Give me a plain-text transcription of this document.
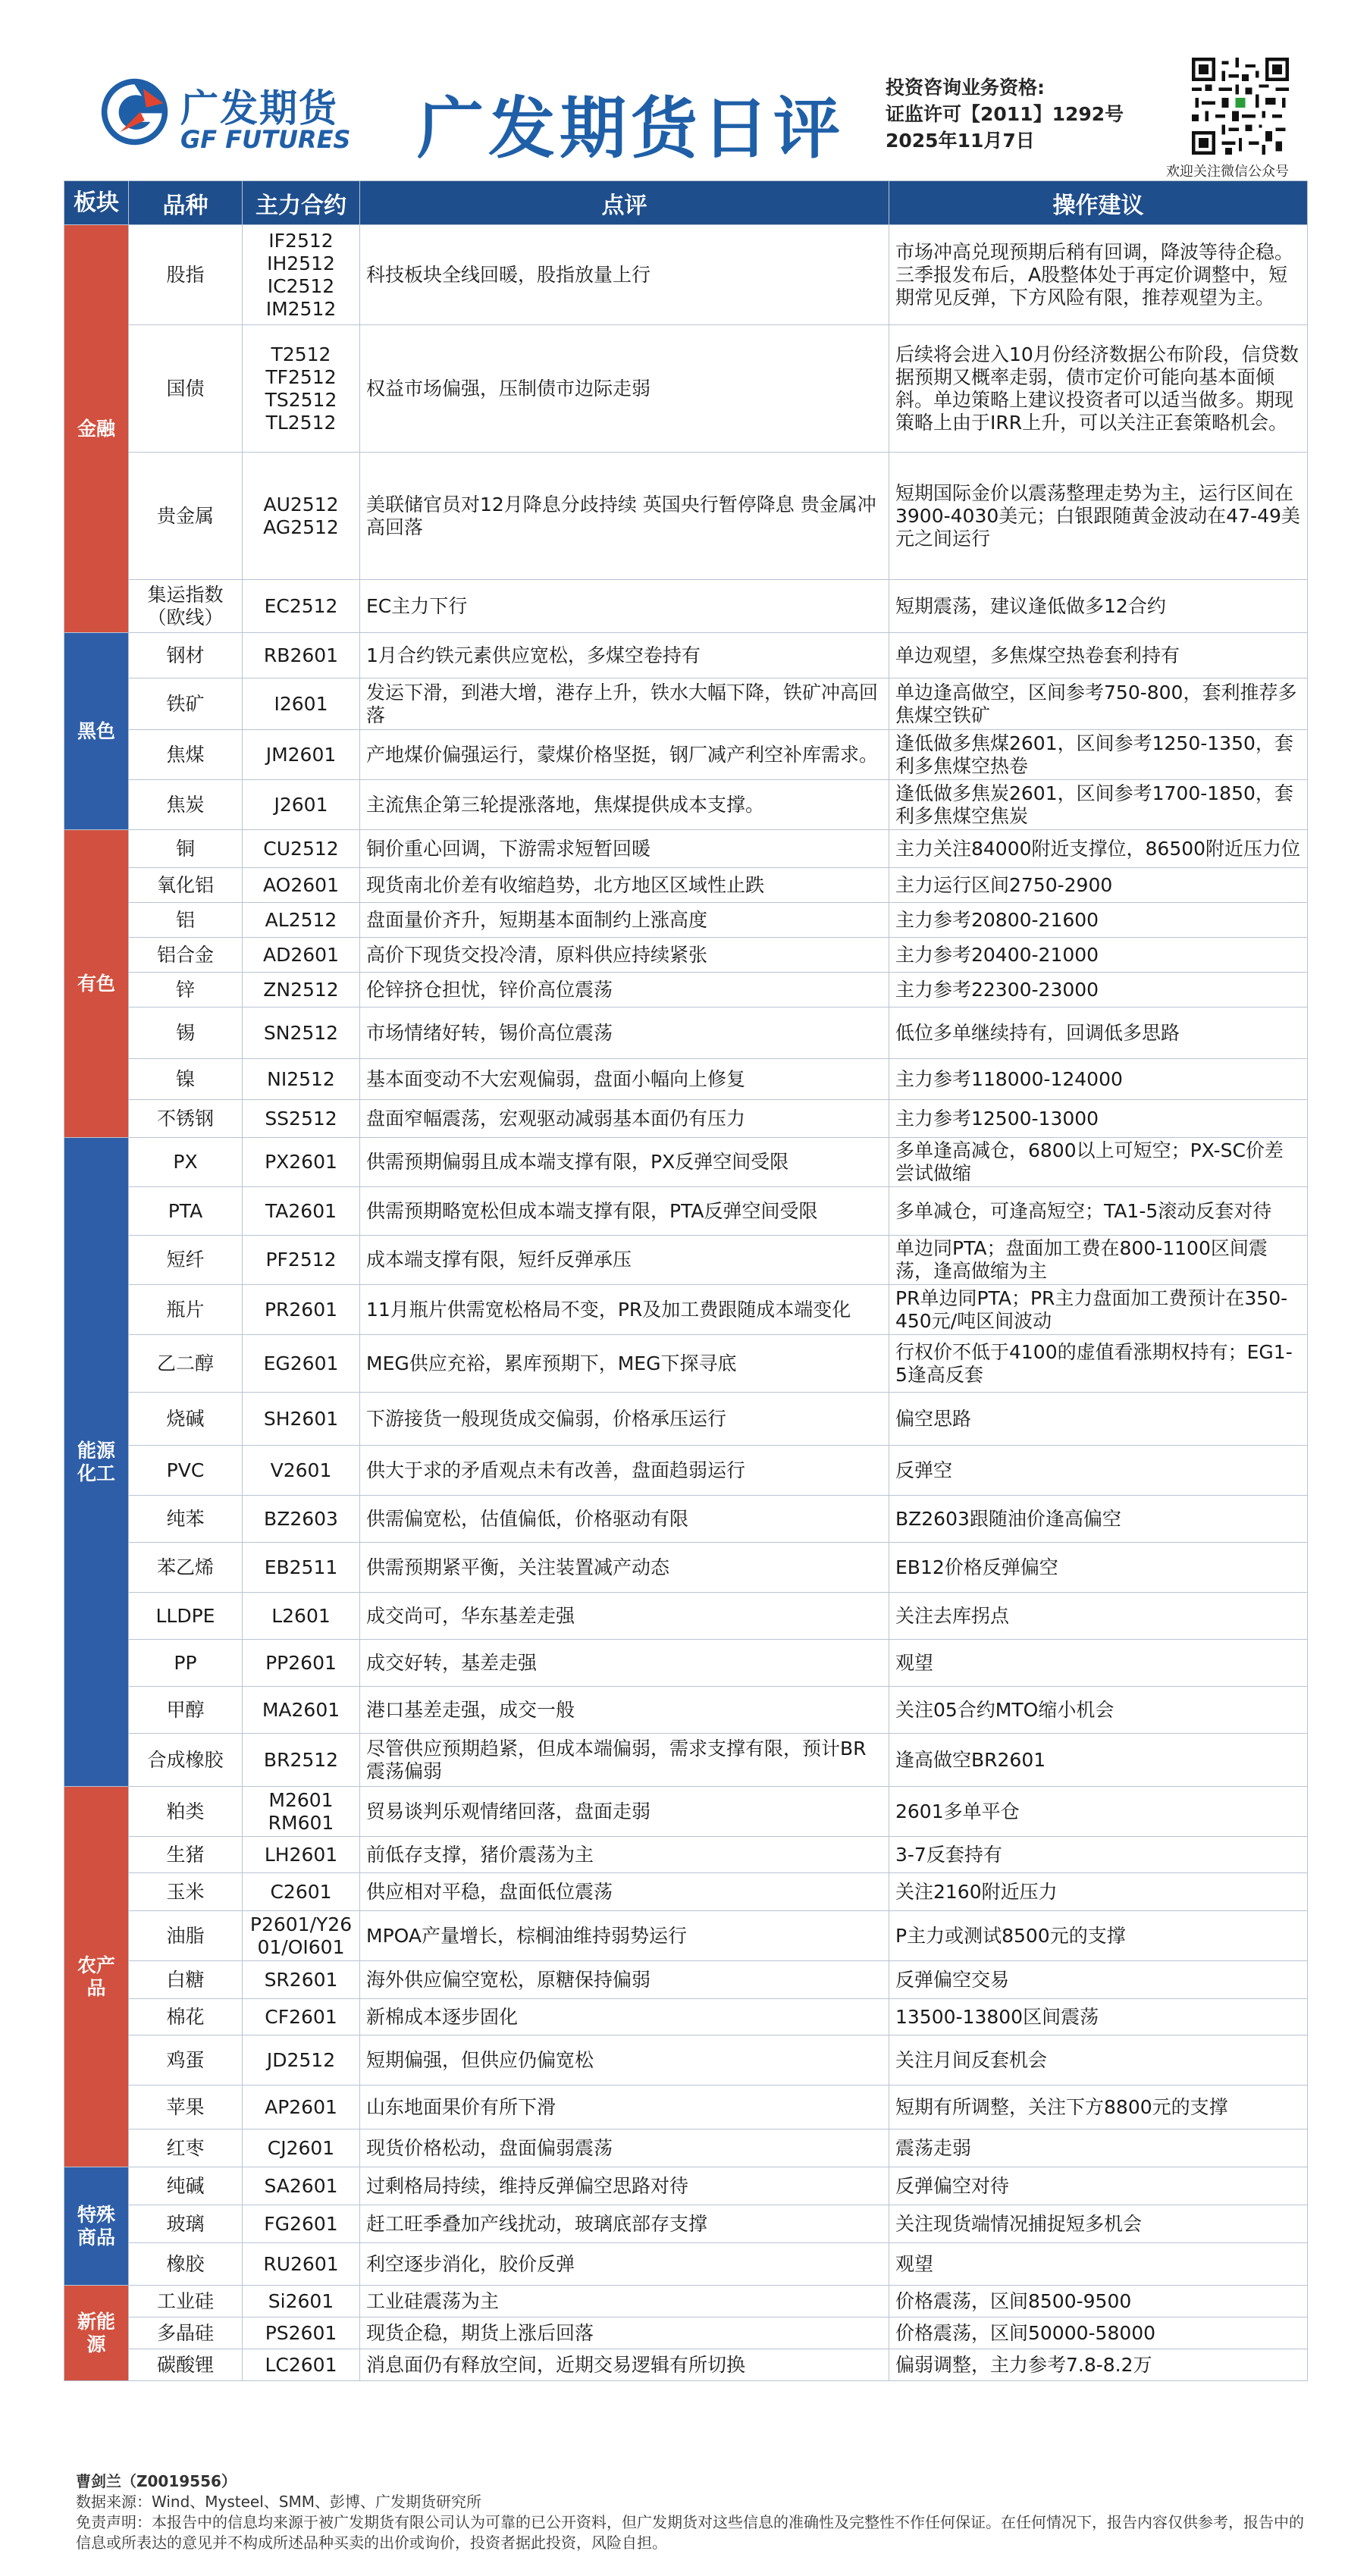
广发期货
GF FUTURES 广发期货日评
投资咨询业务资格:
证监许可【2011】1292号
2025年11月7日
欢迎关注微信公众号
板块	品种	主力合约	点评	操作建议
金融	股指	IF2512
IH2512
IC2512
IM2512	科技板块全线回暖，股指放量上行	市场冲高兑现预期后稍有回调，降波等待企稳。三季报发布后，A股整体处于再定价调整中，短期常见反弹，下方风险有限，推荐观望为主。
	国债	T2512
TF2512
TS2512
TL2512	权益市场偏强，压制债市边际走弱	后续将会进入10月份经济数据公布阶段，信贷数据预期又概率走弱，债市定价可能向基本面倾斜。单边策略上建议投资者可以适当做多。期现策略上由于IRR上升，可以关注正套策略机会。
	贵金属	AU2512
AG2512	美联储官员对12月降息分歧持续 英国央行暂停降息 贵金属冲高回落	短期国际金价以震荡整理走势为主，运行区间在3900-4030美元；白银跟随黄金波动在47-49美元之间运行
	集运指数
（欧线）	EC2512	EC主力下行	短期震荡，建议逢低做多12合约
黑色	钢材	RB2601	1月合约铁元素供应宽松，多煤空卷持有	单边观望，多焦煤空热卷套利持有
	铁矿	I2601	发运下滑，到港大增，港存上升，铁水大幅下降，铁矿冲高回落	单边逢高做空，区间参考750-800，套利推荐多焦煤空铁矿
	焦煤	JM2601	产地煤价偏强运行，蒙煤价格坚挺，钢厂减产利空补库需求。	逢低做多焦煤2601，区间参考1250-1350，套利多焦煤空热卷
	焦炭	J2601	主流焦企第三轮提涨落地，焦煤提供成本支撑。	逢低做多焦炭2601，区间参考1700-1850，套利多焦煤空焦炭
有色	铜	CU2512	铜价重心回调，下游需求短暂回暖	主力关注84000附近支撑位，86500附近压力位
	氧化铝	AO2601	现货南北价差有收缩趋势，北方地区区域性止跌	主力运行区间2750-2900
	铝	AL2512	盘面量价齐升，短期基本面制约上涨高度	主力参考20800-21600
	铝合金	AD2601	高价下现货交投冷清，原料供应持续紧张	主力参考20400-21000
	锌	ZN2512	伦锌挤仓担忧，锌价高位震荡	主力参考22300-23000
	锡	SN2512	市场情绪好转，锡价高位震荡	低位多单继续持有，回调低多思路
	镍	NI2512	基本面变动不大宏观偏弱，盘面小幅向上修复	主力参考118000-124000
	不锈钢	SS2512	盘面窄幅震荡，宏观驱动减弱基本面仍有压力	主力参考12500-13000
能源
化工	PX	PX2601	供需预期偏弱且成本端支撑有限，PX反弹空间受限	多单逢高减仓，6800以上可短空；PX-SC价差尝试做缩
	PTA	TA2601	供需预期略宽松但成本端支撑有限，PTA反弹空间受限	多单减仓，可逢高短空；TA1-5滚动反套对待
	短纤	PF2512	成本端支撑有限，短纤反弹承压	单边同PTA；盘面加工费在800-1100区间震荡，逢高做缩为主
	瓶片	PR2601	11月瓶片供需宽松格局不变，PR及加工费跟随成本端变化	PR单边同PTA；PR主力盘面加工费预计在350-450元/吨区间波动
	乙二醇	EG2601	MEG供应充裕，累库预期下，MEG下探寻底	行权价不低于4100的虚值看涨期权持有；EG1-5逢高反套
	烧碱	SH2601	下游接货一般现货成交偏弱，价格承压运行	偏空思路
	PVC	V2601	供大于求的矛盾观点未有改善，盘面趋弱运行	反弹空
	纯苯	BZ2603	供需偏宽松，估值偏低，价格驱动有限	BZ2603跟随油价逢高偏空
	苯乙烯	EB2511	供需预期紧平衡，关注装置减产动态	EB12价格反弹偏空
	LLDPE	L2601	成交尚可，华东基差走强	关注去库拐点
	PP	PP2601	成交好转，基差走强	观望
	甲醇	MA2601	港口基差走强，成交一般	关注05合约MTO缩小机会
	合成橡胶	BR2512	尽管供应预期趋紧，但成本端偏弱，需求支撑有限，预计BR震荡偏弱	逢高做空BR2601
农产品	粕类	M2601
RM601	贸易谈判乐观情绪回落，盘面走弱	2601多单平仓
	生猪	LH2601	前低存支撑，猪价震荡为主	3-7反套持有
	玉米	C2601	供应相对平稳，盘面低位震荡	关注2160附近压力
	油脂	P2601/Y26
01/OI601	MPOA产量增长，棕榈油维持弱势运行	P主力或测试8500元的支撑
	白糖	SR2601	海外供应偏空宽松，原糖保持偏弱	反弹偏空交易
	棉花	CF2601	新棉成本逐步固化	13500-13800区间震荡
	鸡蛋	JD2512	短期偏强，但供应仍偏宽松	关注月间反套机会
	苹果	AP2601	山东地面果价有所下滑	短期有所调整，关注下方8800元的支撑
	红枣	CJ2601	现货价格松动，盘面偏弱震荡	震荡走弱
特殊
商品	纯碱	SA2601	过剩格局持续，维持反弹偏空思路对待	反弹偏空对待
	玻璃	FG2601	赶工旺季叠加产线扰动，玻璃底部存支撑	关注现货端情况捕捉短多机会
	橡胶	RU2601	利空逐步消化，胶价反弹	观望
新能源	工业硅	Si2601	工业硅震荡为主	价格震荡，区间8500-9500
	多晶硅	PS2601	现货企稳，期货上涨后回落	价格震荡，区间50000-58000
	碳酸锂	LC2601	消息面仍有释放空间，近期交易逻辑有所切换	偏弱调整，主力参考7.8-8.2万
曹剑兰（Z0019556）
数据来源：Wind、Mysteel、SMM、彭博、广发期货研究所
免责声明：本报告中的信息均来源于被广发期货有限公司认为可靠的已公开资料，但广发期货对这些信息的准确性及完整性不作任何保证。在任何情况下，报告内容仅供参考，报告中的信息或所表达的意见并不构成所述品种买卖的出价或询价，投资者据此投资，风险自担。
